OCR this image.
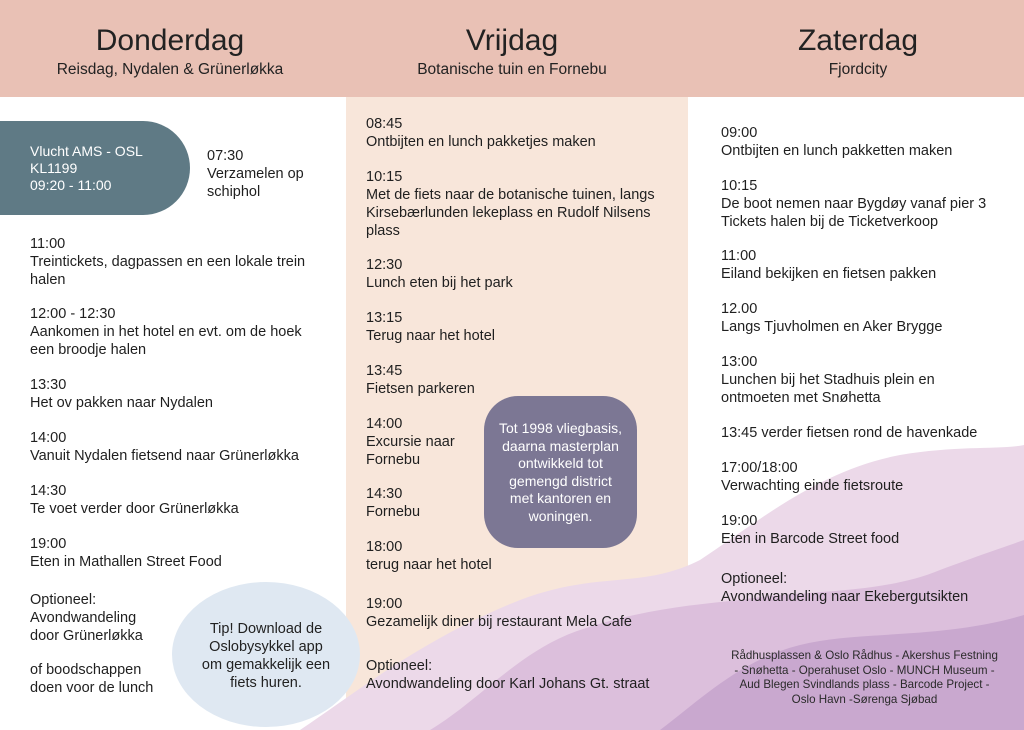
Donderdag
Reisdag, Nydalen & Grünerløkka
Vrijdag
Botanische tuin en Fornebu
Zaterdag
Fjordcity
Vlucht AMS - OSL
KL1199
09:20 - 11:00
07:30
Verzamelen op
schiphol
11:00
Treintickets, dagpassen en een lokale trein
halen
12:00 - 12:30
Aankomen in het hotel en evt. om de hoek
een broodje halen
13:30
Het ov pakken naar Nydalen
14:00
Vanuit Nydalen fietsend naar Grünerløkka
14:30
Te voet verder door Grünerløkka
19:00
Eten in Mathallen Street Food
Optioneel:
Avondwandeling
door Grünerløkka
of boodschappen
doen voor de lunch
Tip! Download de
Oslobysykkel app
om gemakkelijk een
fiets huren.
08:45
Ontbijten en lunch pakketjes maken
10:15
Met de fiets naar de botanische tuinen, langs
Kirsebærlunden lekeplass en Rudolf Nilsens
plass
12:30
Lunch eten bij het park
13:15
Terug naar het hotel
13:45
Fietsen parkeren
14:00
Excursie naar
Fornebu
14:30
Fornebu
18:00
terug naar het hotel
19:00
Gezamelijk diner bij restaurant Mela Cafe
Optioneel:
Avondwandeling door Karl Johans Gt. straat
Tot 1998 vliegbasis,
daarna masterplan
ontwikkeld tot
gemengd district
met kantoren en
woningen.
09:00
Ontbijten en lunch pakketten maken
10:15
De boot nemen naar Bygdøy vanaf pier 3
Tickets halen bij de Ticketverkoop
11:00
Eiland bekijken en fietsen pakken
12.00
Langs Tjuvholmen en Aker Brygge
13:00
Lunchen bij het Stadhuis plein en
ontmoeten met Snøhetta
13:45 verder fietsen rond de havenkade
17:00/18:00
Verwachting einde fietsroute
19:00
Eten in Barcode Street food
Optioneel:
Avondwandeling naar Ekebergutsikten
Rådhusplassen & Oslo Rådhus - Akershus Festning
- Snøhetta - Operahuset Oslo - MUNCH Museum -
Aud Blegen Svindlands plass - Barcode Project -
Oslo Havn -Sørenga Sjøbad
